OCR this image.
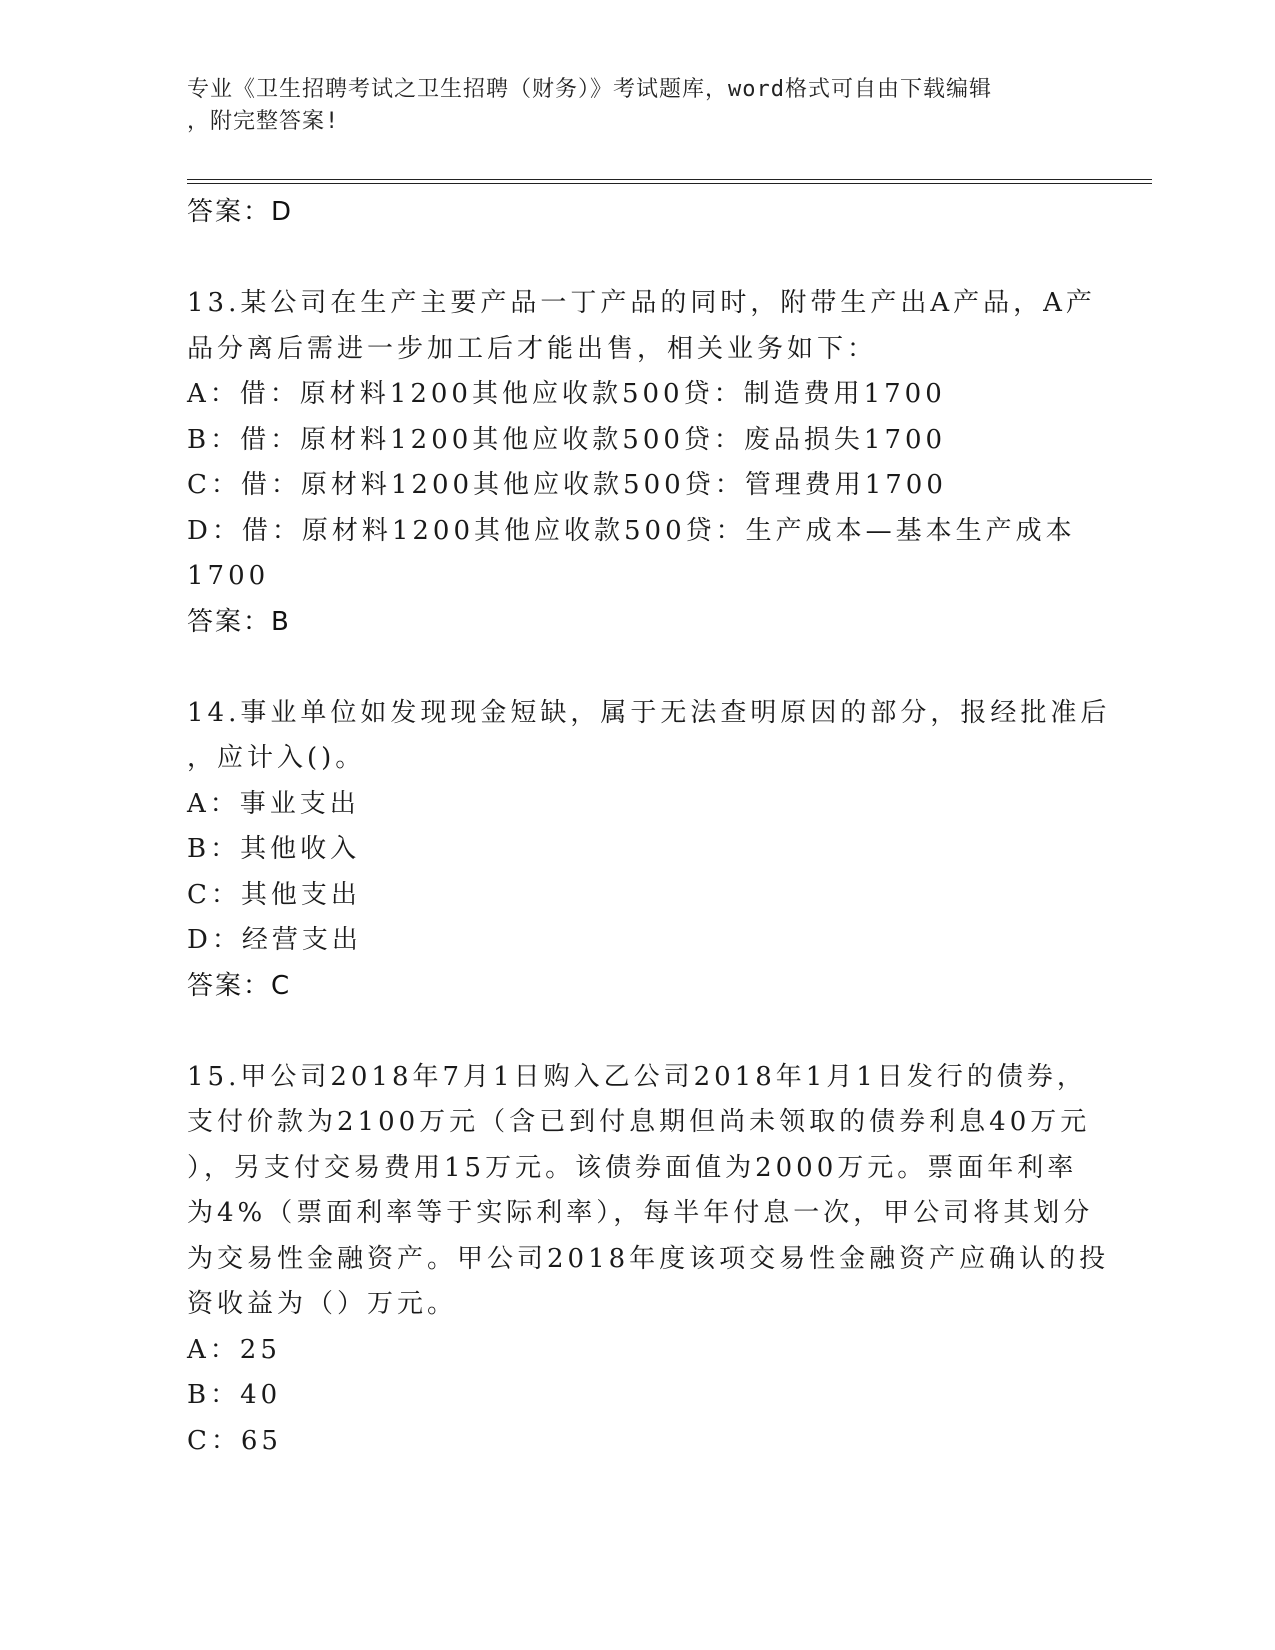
专业《卫生招聘考试之卫生招聘（财务）》考试题库，word格式可自由下载编辑
，附完整答案!
答案：D
13.某公司在生产主要产品一丁产品的同时，附带生产出A产品，A产
品分离后需进一步加工后才能出售，相关业务如下：
A：借：原材料1200其他应收款500贷：制造费用1700
B：借：原材料1200其他应收款500贷：废品损失1700
C：借：原材料1200其他应收款500贷：管理费用1700
D：借：原材料1200其他应收款500贷：生产成本—基本生产成本
1700
答案：B
14.事业单位如发现现金短缺，属于无法查明原因的部分，报经批准后
，应计入()。
A：事业支出
B：其他收入
C：其他支出
D：经营支出
答案：C
15.甲公司2018年7月1日购入乙公司2018年1月1日发行的债券，
支付价款为2100万元（含已到付息期但尚未领取的债券利息40万元
），另支付交易费用15万元。该债券面值为2000万元。票面年利率
为4%（票面利率等于实际利率），每半年付息一次，甲公司将其划分
为交易性金融资产。甲公司2018年度该项交易性金融资产应确认的投
资收益为（）万元。
A：25
B：40
C：65
